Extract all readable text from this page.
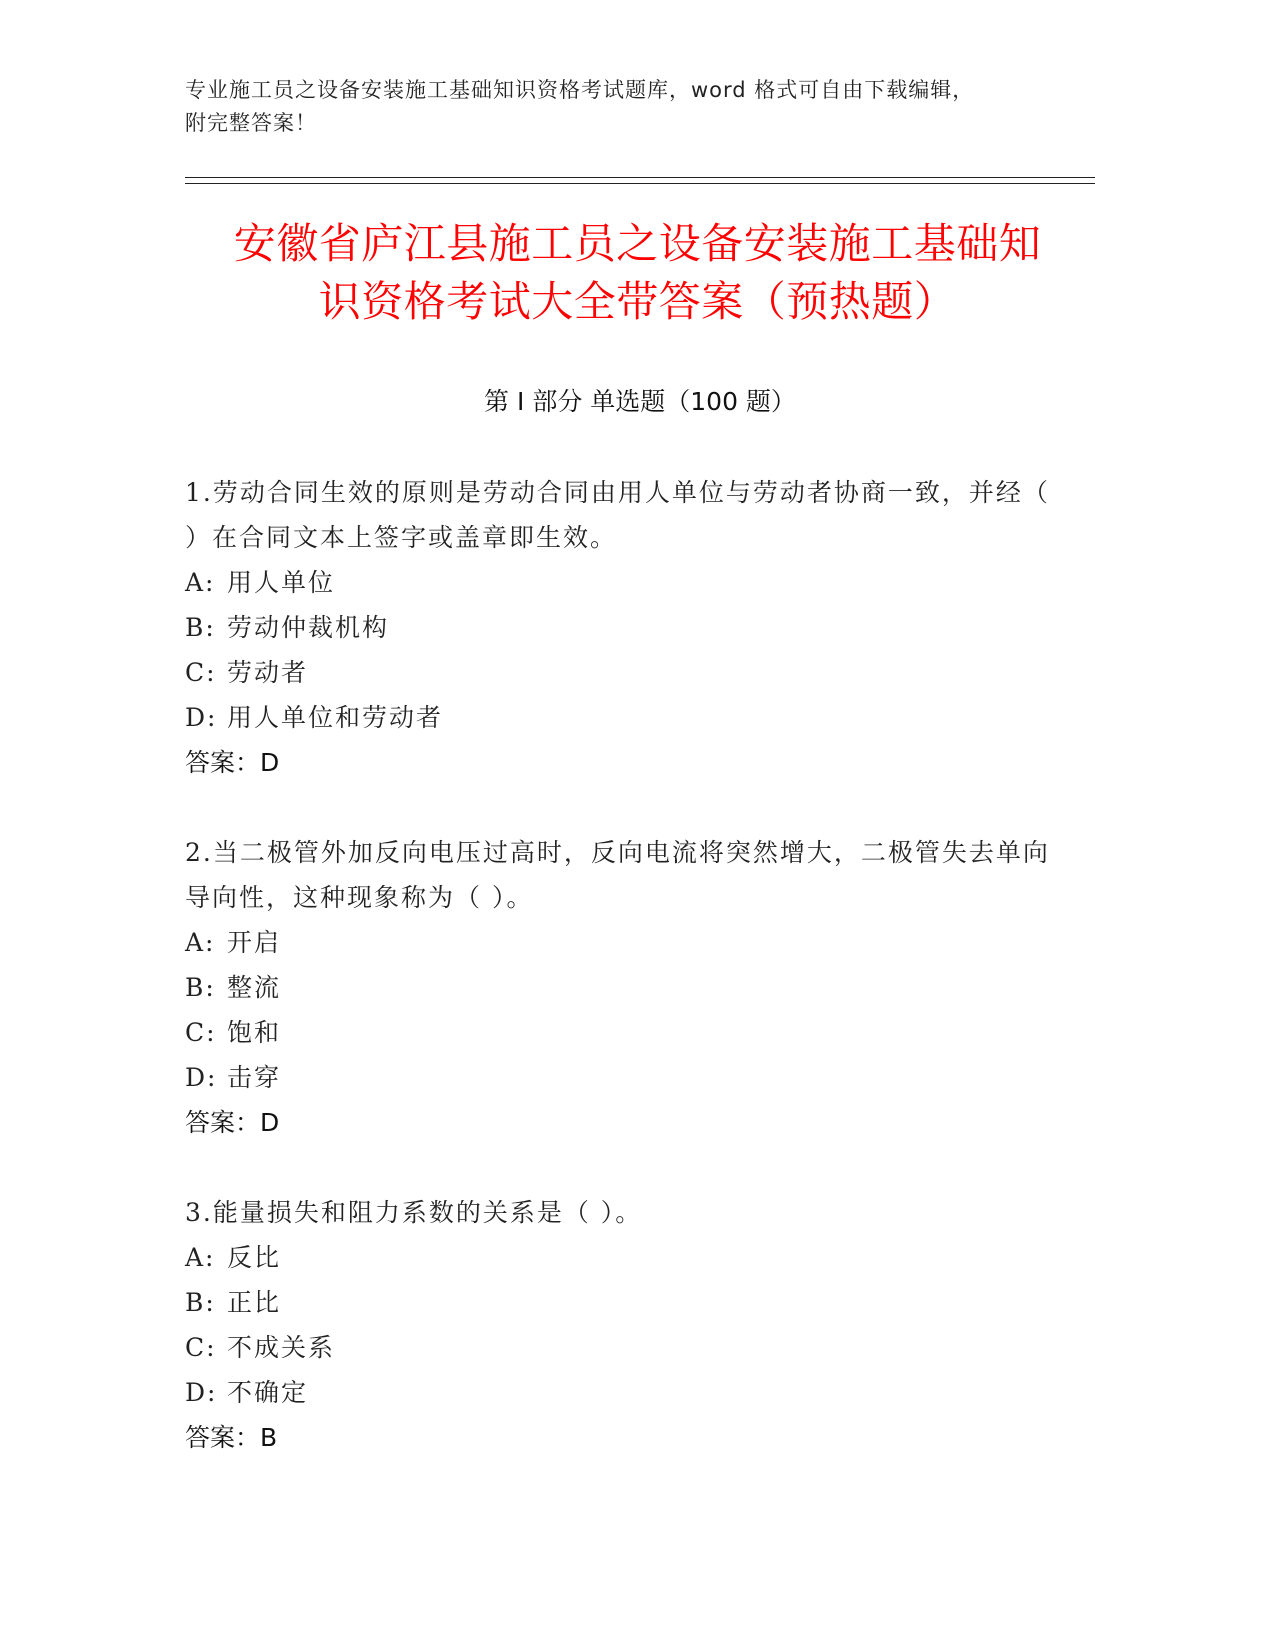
专业施工员之设备安装施工基础知识资格考试题库，word 格式可自由下载编辑，
附完整答案！
安徽省庐江县施工员之设备安装施工基础知
识资格考试大全带答案（预热题）
第 I 部分 单选题（100 题）
1.劳动合同生效的原则是劳动合同由用人单位与劳动者协商一致，并经（ ）在合同文本上签字或盖章即生效。
A: 用人单位
B: 劳动仲裁机构
C: 劳动者
D: 用人单位和劳动者
答案：D
2.当二极管外加反向电压过高时，反向电流将突然增大，二极管失去单向导向性，这种现象称为（ ）。
A: 开启
B: 整流
C: 饱和
D: 击穿
答案：D
3.能量损失和阻力系数的关系是（ ）。
A: 反比
B: 正比
C: 不成关系
D: 不确定
答案：B
